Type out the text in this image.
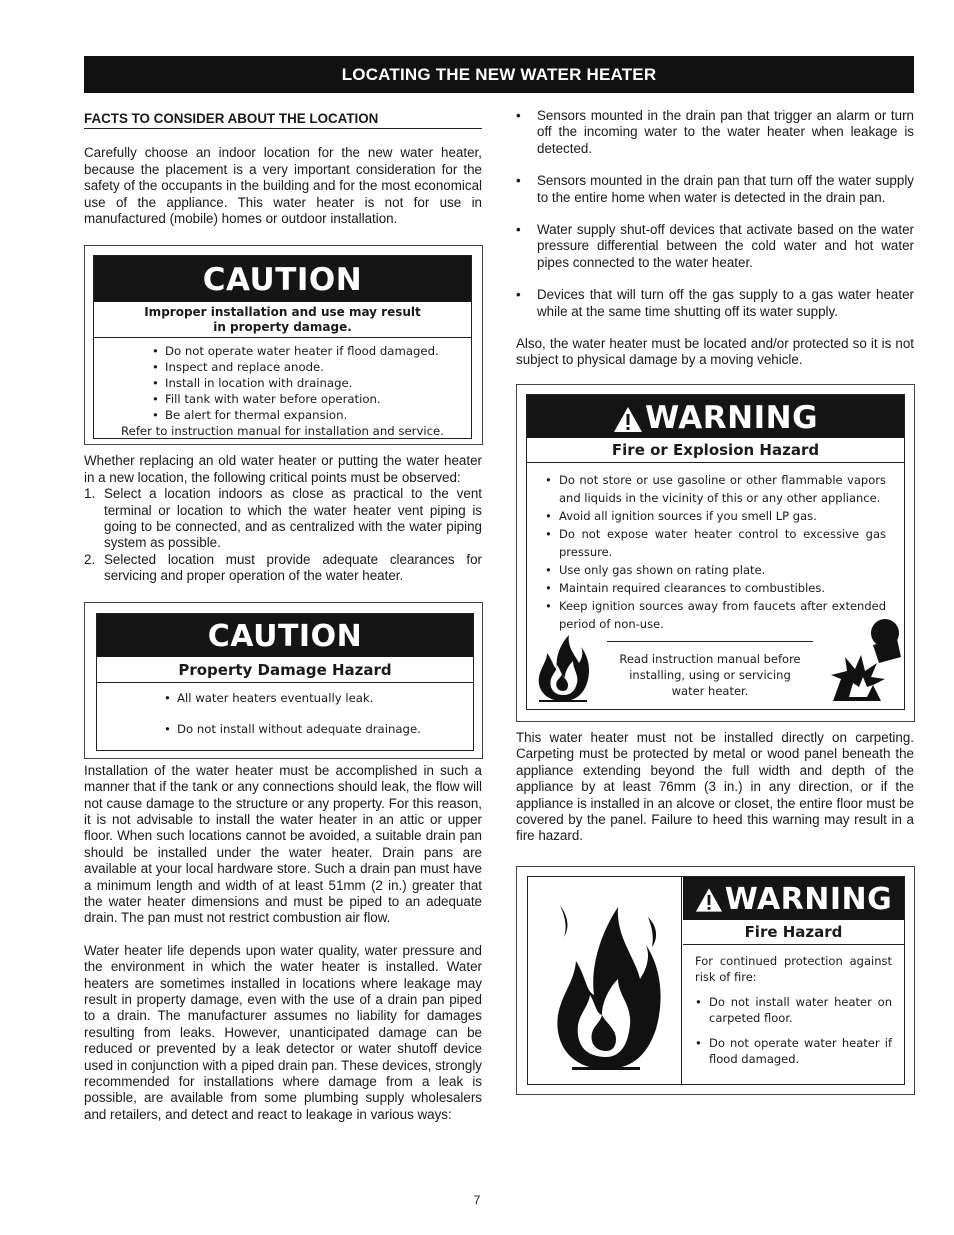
LOCATING THE NEW WATER HEATER
FACTS TO CONSIDER ABOUT THE LOCATION

Carefully choose an indoor location for the new water heater, because the placement is a very important consideration for the safety of the occupants in the building and for the most economical use of the appliance. This water heater is not for use in manufactured (mobile) homes or outdoor installation.

CAUTION
Improper installation and use may result
in property damage.
• Do not operate water heater if flood damaged.
• Inspect and replace anode.
• Install in location with drainage.
• Fill tank with water before operation.
• Be alert for thermal expansion.
Refer to instruction manual for installation and service.

Whether replacing an old water heater or putting the water heater in a new location, the following critical points must be observed:

1. Select a location indoors as close as practical to the vent terminal or location to which the water heater vent piping is going to be connected, and as centralized with the water piping system as possible.
2. Selected location must provide adequate clearances for servicing and proper operation of the water heater.
CAUTION
Property Damage Hazard
• All water heaters eventually leak.
• Do not install without adequate drainage.

Installation of the water heater must be accomplished in such a manner that if the tank or any connections should leak, the flow will not cause damage to the structure or any property. For this reason, it is not advisable to install the water heater in an attic or upper floor. When such locations cannot be avoided, a suitable drain pan should be installed under the water heater. Drain pans are available at your local hardware store. Such a drain pan must have a minimum length and width of at least 51mm (2 in.) greater that the water heater dimensions and must be piped to an adequate drain. The pan must not restrict combustion air flow.

Water heater life depends upon water quality, water pressure and the environment in which the water heater is installed. Water heaters are sometimes installed in locations where leakage may result in property damage, even with the use of a drain pan piped to a drain. The manufacturer assumes no liability for damages resulting from leaks. However, unanticipated damage can be reduced or prevented by a leak detector or water shutoff device used in conjunction with a piped drain pan. These devices, strongly recommended for installations where damage from a leak is possible, are available from some plumbing supply wholesalers and retailers, and detect and react to leakage in various ways:

• Sensors mounted in the drain pan that trigger an alarm or turn off the incoming water to the water heater when leakage is detected.
• Sensors mounted in the drain pan that turn off the water supply to the entire home when water is detected in the drain pan.
• Water supply shut-off devices that activate based on the water pressure differential between the cold water and hot water pipes connected to the water heater.
• Devices that will turn off the gas supply to a gas water heater while at the same time shutting off its water supply.

Also, the water heater must be located and/or protected so it is not subject to physical damage by a moving vehicle.

WARNING
Fire or Explosion Hazard
• Do not store or use gasoline or other flammable vapors and liquids in the vicinity of this or any other appliance.
• Avoid all ignition sources if you smell LP gas.
• Do not expose water heater control to excessive gas pressure.
• Use only gas shown on rating plate.
• Maintain required clearances to combustibles.
• Keep ignition sources away from faucets after extended period of non-use.
Read instruction manual before
installing, using or servicing
water heater.

This water heater must not be installed directly on carpeting. Carpeting must be protected by metal or wood panel beneath the appliance extending beyond the full width and depth of the appliance by at least 76mm (3 in.) in any direction, or if the appliance is installed in an alcove or closet, the entire floor must be covered by the panel. Failure to heed this warning may result in a fire hazard.

WARNING
Fire Hazard
For continued protection against risk of fire:
• Do not install water heater on carpeted floor.
• Do not operate water heater if flood damaged.
7
